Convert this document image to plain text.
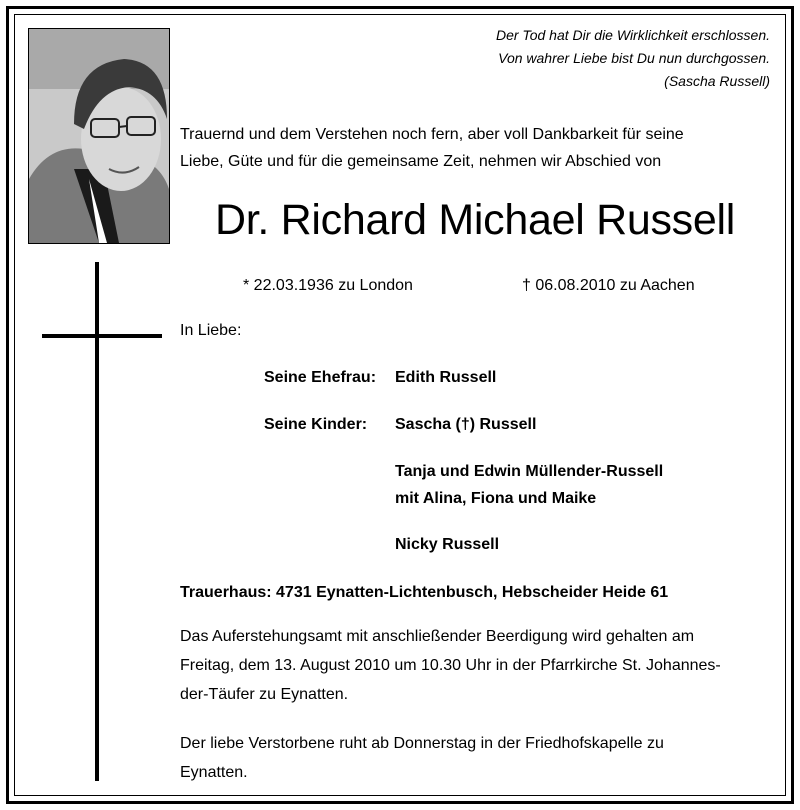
Der Tod hat Dir die Wirklichkeit erschlossen.
Von wahrer Liebe bist Du nun durchgossen.
(Sascha Russell)
Trauernd und dem Verstehen noch fern, aber voll Dankbarkeit für seine
Liebe, Güte und für die gemeinsame Zeit, nehmen wir Abschied von
Dr. Richard Michael Russell
* 22.03.1936 zu London	† 06.08.2010 zu Aachen
In Liebe:
Seine Ehefrau: Edith Russell
Seine Kinder: Sascha (†) Russell
Tanja und Edwin Müllender-Russell
mit Alina, Fiona und Maike
Nicky Russell
Trauerhaus: 4731 Eynatten-Lichtenbusch, Hebscheider Heide 61
Das Auferstehungsamt mit anschließender Beerdigung wird gehalten am
Freitag, dem 13. August 2010 um 10.30 Uhr in der Pfarrkirche St. Johannes-
der-Täufer zu Eynatten.
Der liebe Verstorbene ruht ab Donnerstag in der Friedhofskapelle zu
Eynatten.
